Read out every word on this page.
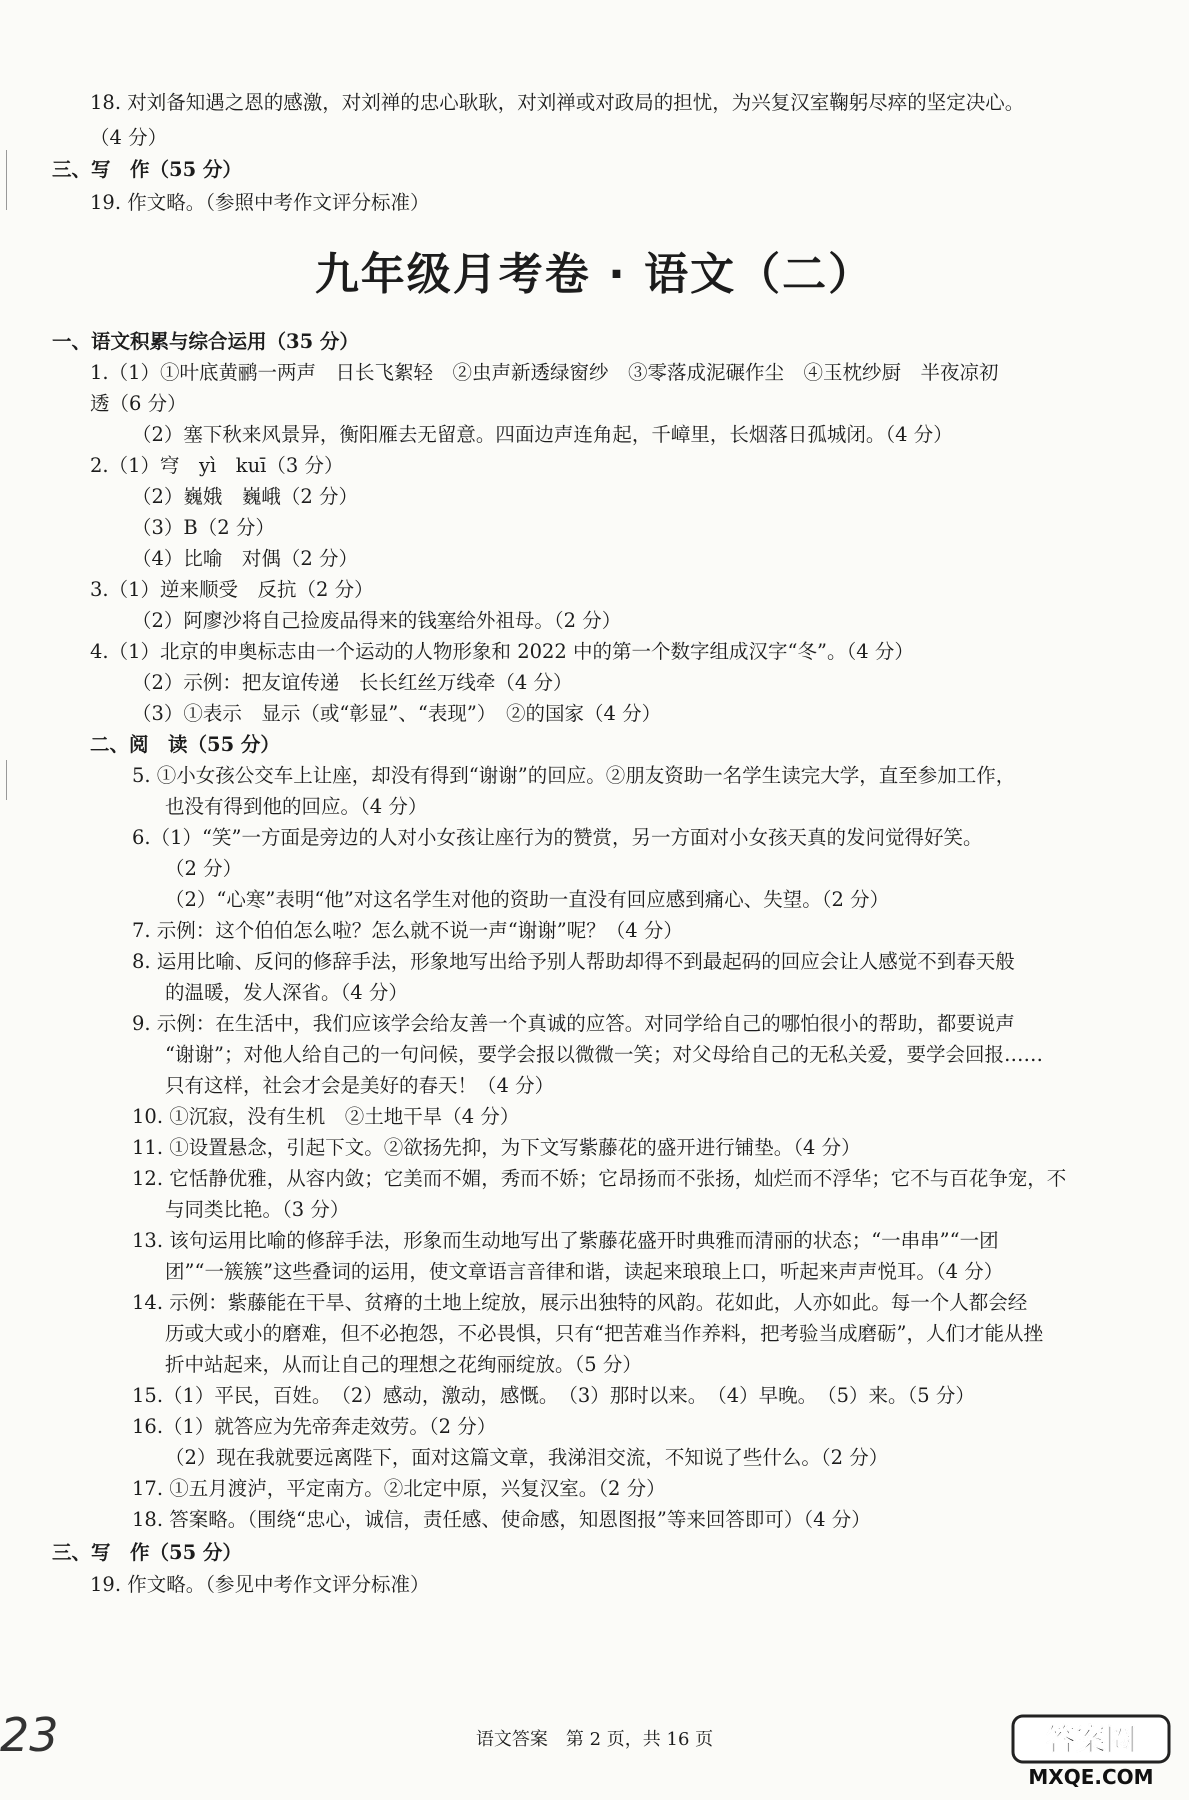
18. 对刘备知遇之恩的感激，对刘禅的忠心耿耿，对刘禅或对政局的担忧，为兴复汉室鞠躬尽瘁的坚定决心。
（4 分）
三、写　作（55 分）
19. 作文略。（参照中考作文评分标准）
九年级月考卷 · 语文（二）
一、语文积累与综合运用（35 分）
1.（1）①叶底黄鹂一两声　日长飞絮轻　②虫声新透绿窗纱　③零落成泥碾作尘　④玉枕纱厨　半夜凉初
透（6 分）
（2）塞下秋来风景异，衡阳雁去无留意。四面边声连角起，千嶂里，长烟落日孤城闭。（4 分）
2.（1）穹　yì　kuī（3 分）
（2）巍娥　巍峨（2 分）
（3）B（2 分）
（4）比喻　对偶（2 分）
3.（1）逆来顺受　反抗（2 分）
（2）阿廖沙将自己捡废品得来的钱塞给外祖母。（2 分）
4.（1）北京的申奥标志由一个运动的人物形象和 2022 中的第一个数字组成汉字“冬”。（4 分）
（2）示例：把友谊传递　长长红丝万线牵（4 分）
（3）①表示　显示（或“彰显”、“表现”）　②的国家（4 分）
二、阅　读（55 分）
5. ①小女孩公交车上让座，却没有得到“谢谢”的回应。②朋友资助一名学生读完大学，直至参加工作，
也没有得到他的回应。（4 分）
6.（1）“笑”一方面是旁边的人对小女孩让座行为的赞赏，另一方面对小女孩天真的发问觉得好笑。
（2 分）
（2）“心寒”表明“他”对这名学生对他的资助一直没有回应感到痛心、失望。（2 分）
7. 示例：这个伯伯怎么啦？怎么就不说一声“谢谢”呢？（4 分）
8. 运用比喻、反问的修辞手法，形象地写出给予别人帮助却得不到最起码的回应会让人感觉不到春天般
的温暖，发人深省。（4 分）
9. 示例：在生活中，我们应该学会给友善一个真诚的应答。对同学给自己的哪怕很小的帮助，都要说声
“谢谢”；对他人给自己的一句问候，要学会报以微微一笑；对父母给自己的无私关爱，要学会回报……
只有这样，社会才会是美好的春天！（4 分）
10. ①沉寂，没有生机　②土地干旱（4 分）
11. ①设置悬念，引起下文。②欲扬先抑，为下文写紫藤花的盛开进行铺垫。（4 分）
12. 它恬静优雅，从容内敛；它美而不媚，秀而不娇；它昂扬而不张扬，灿烂而不浮华；它不与百花争宠，不
与同类比艳。（3 分）
13. 该句运用比喻的修辞手法，形象而生动地写出了紫藤花盛开时典雅而清丽的状态；“一串串”“一团
团”“一簇簇”这些叠词的运用，使文章语言音律和谐，读起来琅琅上口，听起来声声悦耳。（4 分）
14. 示例：紫藤能在干旱、贫瘠的土地上绽放，展示出独特的风韵。花如此，人亦如此。每一个人都会经
历或大或小的磨难，但不必抱怨，不必畏惧，只有“把苦难当作养料，把考验当成磨砺”，人们才能从挫
折中站起来，从而让自己的理想之花绚丽绽放。（5 分）
15.（1）平民，百姓。　（2）感动，激动，感慨。　（3）那时以来。　（4）早晚。　（5）来。（5 分）
16.（1）就答应为先帝奔走效劳。（2 分）
（2）现在我就要远离陛下，面对这篇文章，我涕泪交流，不知说了些什么。（2 分）
17. ①五月渡泸，平定南方。②北定中原，兴复汉室。（2 分）
18. 答案略。（围绕“忠心，诚信，责任感、使命感，知恩图报”等来回答即可）（4 分）
三、写　作（55 分）
19. 作文略。（参见中考作文评分标准）
23	语文答案　第 2 页，共 16 页	答案圈
MXQE.COM
